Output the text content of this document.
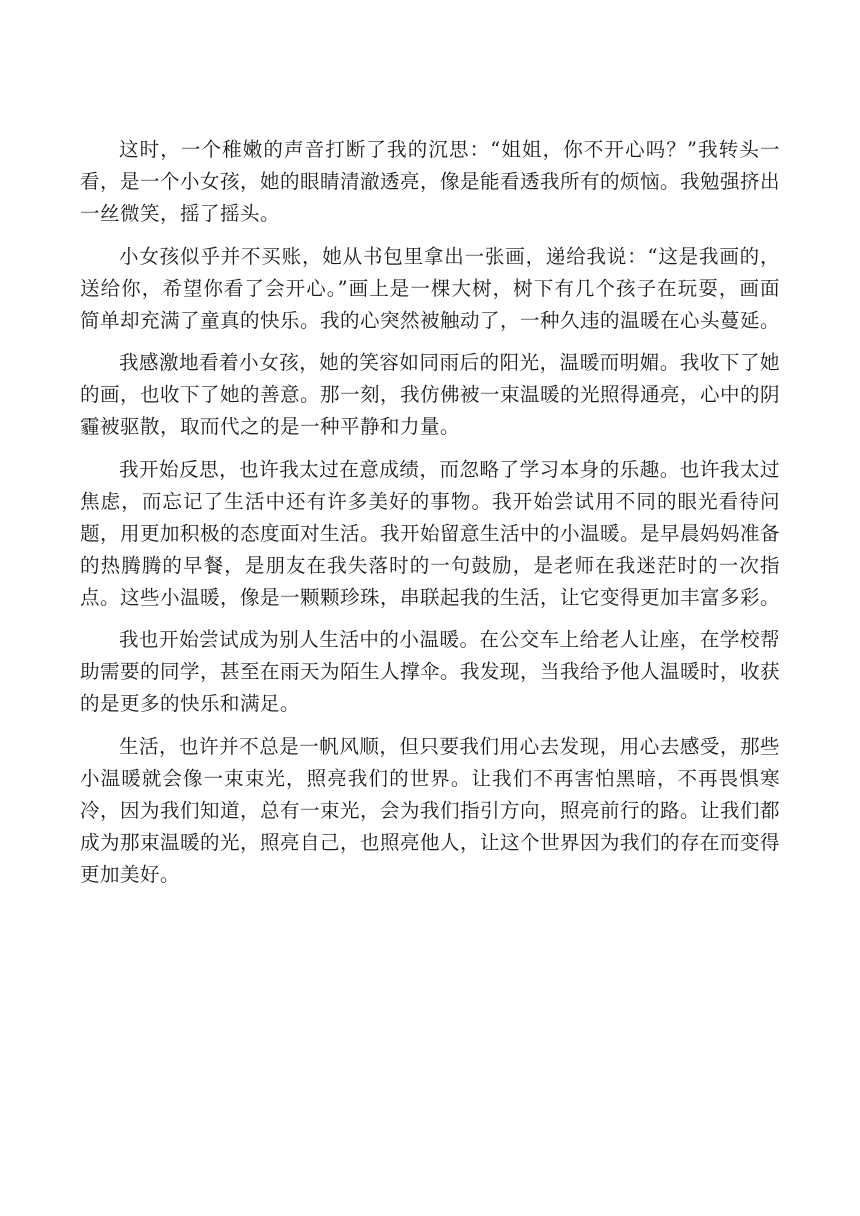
这时，一个稚嫩的声音打断了我的沉思：“姐姐，你不开心吗？”我转头一看，是一个小女孩，她的眼睛清澈透亮，像是能看透我所有的烦恼。我勉强挤出一丝微笑，摇了摇头。

小女孩似乎并不买账，她从书包里拿出一张画，递给我说：“这是我画的，送给你，希望你看了会开心。”画上是一棵大树，树下有几个孩子在玩耍，画面简单却充满了童真的快乐。我的心突然被触动了，一种久违的温暖在心头蔓延。

我感激地看着小女孩，她的笑容如同雨后的阳光，温暖而明媚。我收下了她的画，也收下了她的善意。那一刻，我仿佛被一束温暖的光照得通亮，心中的阴霾被驱散，取而代之的是一种平静和力量。

我开始反思，也许我太过在意成绩，而忽略了学习本身的乐趣。也许我太过焦虑，而忘记了生活中还有许多美好的事物。我开始尝试用不同的眼光看待问题，用更加积极的态度面对生活。我开始留意生活中的小温暖。是早晨妈妈准备的热腾腾的早餐，是朋友在我失落时的一句鼓励，是老师在我迷茫时的一次指点。这些小温暖，像是一颗颗珍珠，串联起我的生活，让它变得更加丰富多彩。

我也开始尝试成为别人生活中的小温暖。在公交车上给老人让座，在学校帮助需要的同学，甚至在雨天为陌生人撑伞。我发现，当我给予他人温暖时，收获的是更多的快乐和满足。

生活，也许并不总是一帆风顺，但只要我们用心去发现，用心去感受，那些小温暖就会像一束束光，照亮我们的世界。让我们不再害怕黑暗，不再畏惧寒冷，因为我们知道，总有一束光，会为我们指引方向，照亮前行的路。让我们都成为那束温暖的光，照亮自己，也照亮他人，让这个世界因为我们的存在而变得更加美好。
